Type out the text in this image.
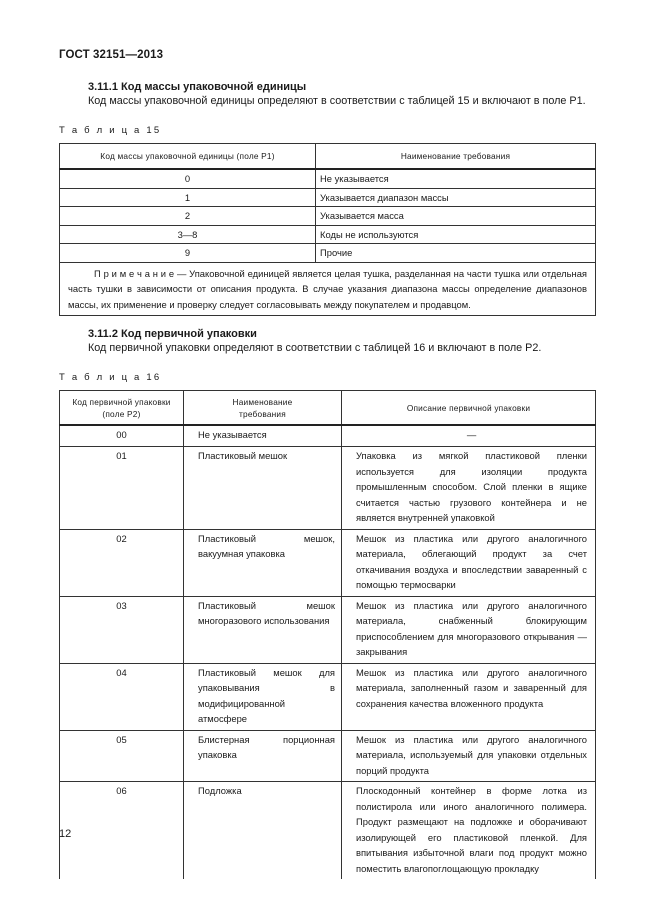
ГОСТ 32151—2013
3.11.1 Код массы упаковочной единицы
Код массы упаковочной единицы определяют в соответствии с таблицей 15 и включают в поле Р1.
Т а б л и ц а 15
Код массы упаковочной единицы (поле Р1)	Наименование требования
0	Не указывается
1	Указывается диапазон массы
2	Указывается масса
3—8	Коды не используются
9	Прочие
П р и м е ч а н и е — Упаковочной единицей является целая тушка, разделанная на части тушка или отдельная часть тушки в зависимости от описания продукта. В случае указания диапазона массы определение диапазонов массы, их применение и проверку следует согласовывать между покупателем и продавцом.	
3.11.2 Код первичной упаковки
Код первичной упаковки определяют в соответствии с таблицей 16 и включают в поле Р2.
Т а б л и ц а 16
Код первичной упаковки (поле Р2)	Наименование требования	Описание первичной упаковки
00	Не указывается	—
01	Пластиковый мешок	Упаковка из мягкой пластиковой пленки используется для изоляции продукта промышленным способом. Слой пленки в ящике считается частью грузового контейнера и не является внутренней упаковкой
02	Пластиковый мешок, вакуумная упаковка	Мешок из пластика или другого аналогичного материала, облегающий продукт за счет откачивания воздуха и впоследствии заваренный с помощью термосварки
03	Пластиковый мешок многоразового использования	Мешок из пластика или другого аналогичного материала, снабженный блокирующим приспособлением для многоразового открывания — закрывания
04	Пластиковый мешок для упаковывания в модифицированной атмосфере	Мешок из пластика или другого аналогичного материала, заполненный газом и заваренный для сохранения качества вложенного продукта
05	Блистерная порционная упаковка	Мешок из пластика или другого аналогичного материала, используемый для упаковки отдельных порций продукта
06	Подложка	Плоскодонный контейнер в форме лотка из полистирола или иного аналогичного полимера. Продукт размещают на подложке и оборачивают изолирующей его пластиковой пленкой. Для впитывания избыточной влаги под продукт можно поместить влагопоглощающую прокладку
12
